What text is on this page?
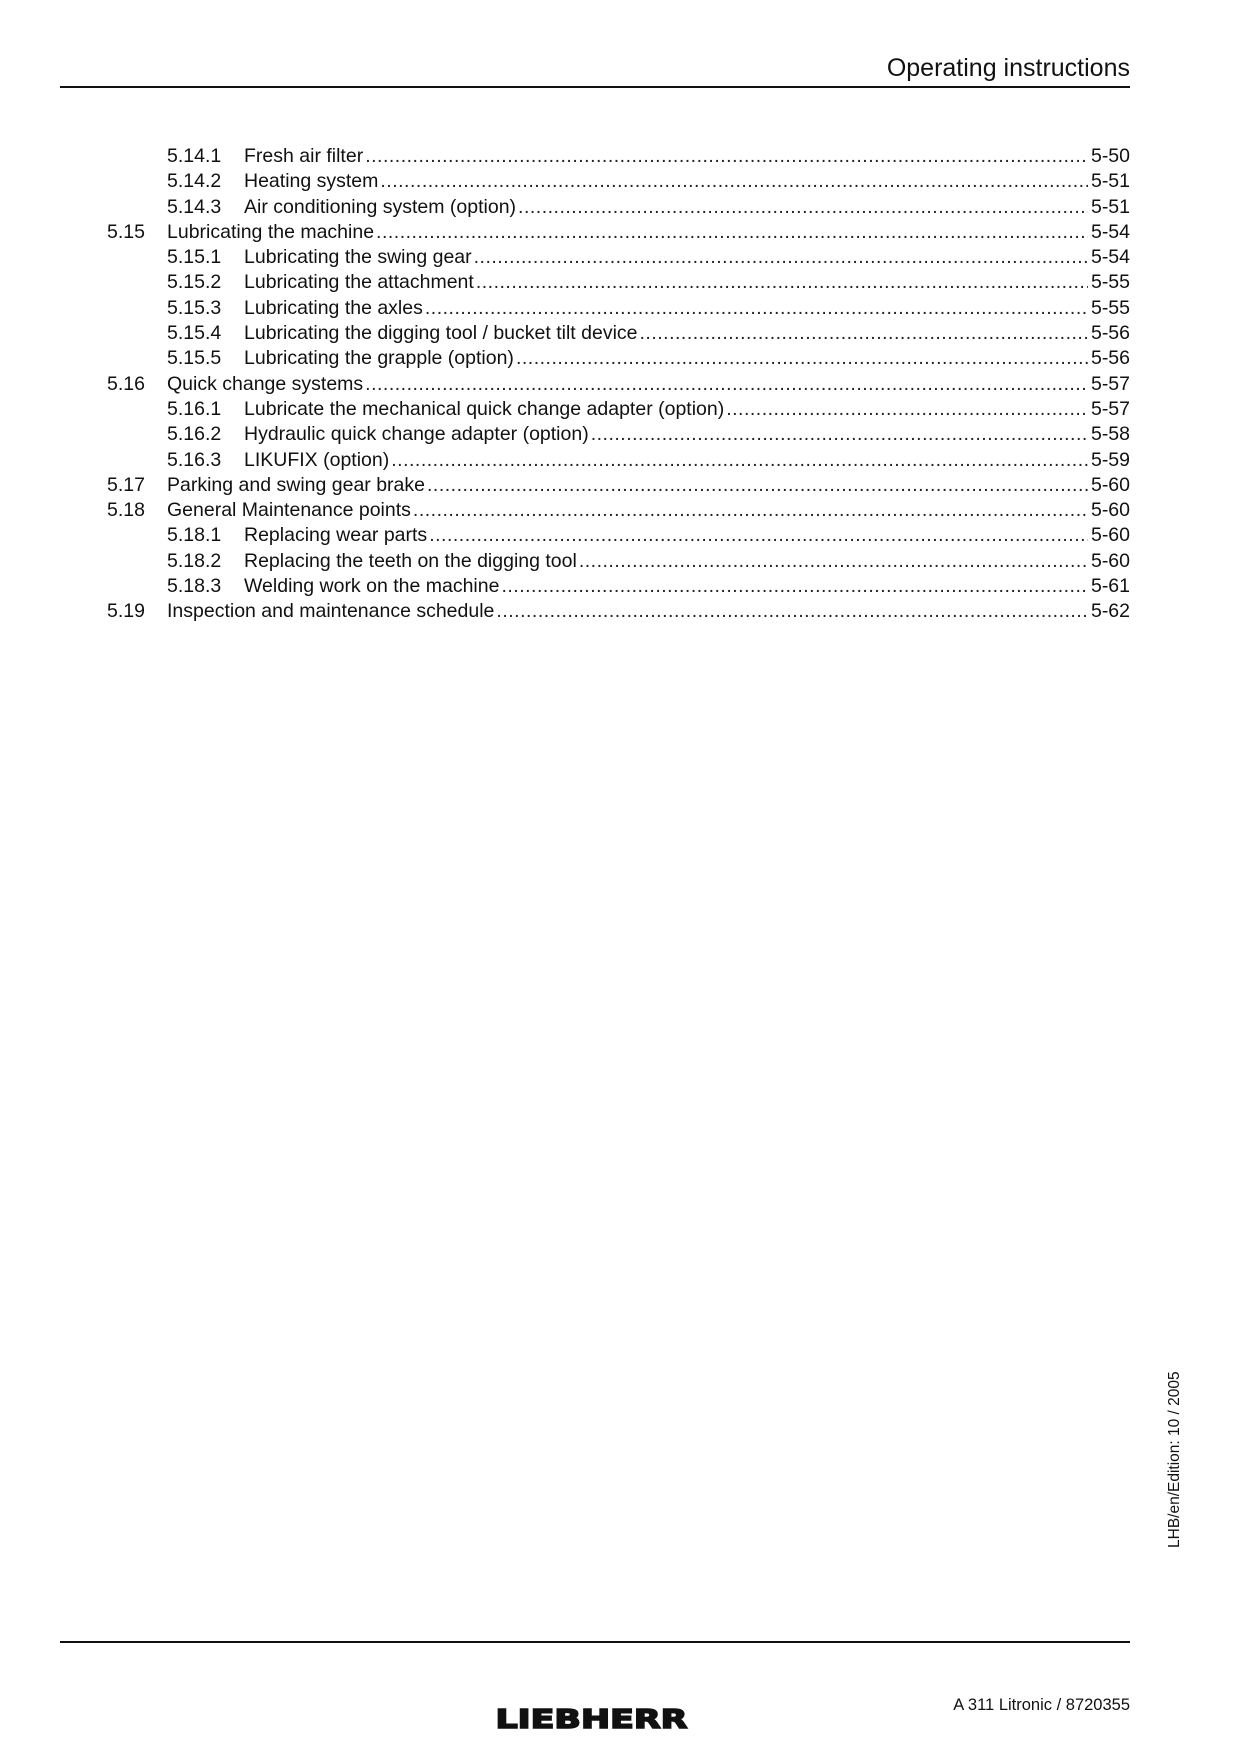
Operating instructions
5.14.1 Fresh air filter .....	5-50
5.14.2 Heating system .....	5-51
5.14.3 Air conditioning system (option) .....	5-51
5.15 Lubricating the machine .....	5-54
5.15.1 Lubricating the swing gear .....	5-54
5.15.2 Lubricating the attachment .....	5-55
5.15.3 Lubricating the axles .....	5-55
5.15.4 Lubricating the digging tool / bucket tilt device .....	5-56
5.15.5 Lubricating the grapple (option) .....	5-56
5.16 Quick change systems .....	5-57
5.16.1 Lubricate the mechanical quick change adapter (option) .....	5-57
5.16.2 Hydraulic quick change adapter (option) .....	5-58
5.16.3 LIKUFIX (option) .....	5-59
5.17 Parking and swing gear brake .....	5-60
5.18 General Maintenance points .....	5-60
5.18.1 Replacing wear parts .....	5-60
5.18.2 Replacing the teeth on the digging tool .....	5-60
5.18.3 Welding work on the machine .....	5-61
5.19 Inspection and maintenance schedule .....	5-62
LHB/en/Edition: 10 / 2005
A 311 Litronic / 8720355
LIEBHERR
